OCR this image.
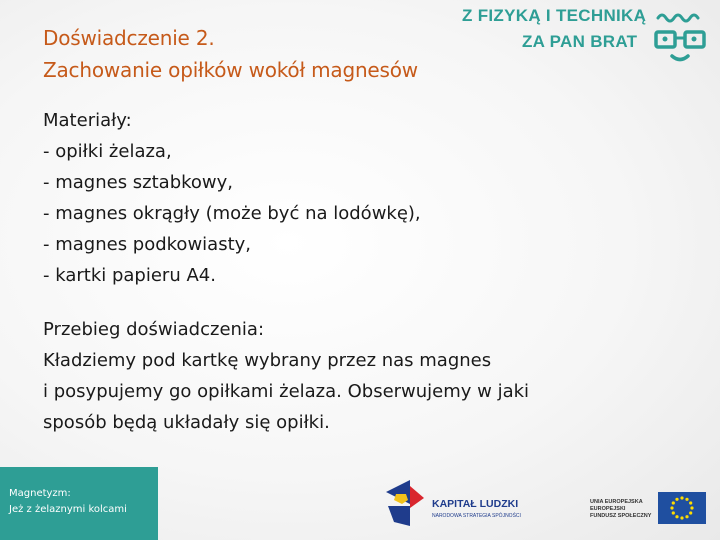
Doświadczenie 2.
Zachowanie opiłków wokół magnesów
Z FIZYKĄ I TECHNIKĄ
ZA PAN BRAT
Materiały:
- opiłki żelaza,
- magnes sztabkowy,
- magnes okrągły (może być na lodówkę),
- magnes podkowiasty,
- kartki papieru A4.
Przebieg doświadczenia:
Kładziemy pod kartkę wybrany przez nas magnes
i posypujemy go opiłkami żelaza. Obserwujemy w jaki
sposób będą układały się opiłki.
Magnetyzm:
Jeż z żelaznymi kolcami	KAPITAŁ LUDZKI
NARODOWA STRATEGIA SPÓJNOŚCI
UNIA EUROPEJSKA
EUROPEJSKI
FUNDUSZ SPOŁECZNY
